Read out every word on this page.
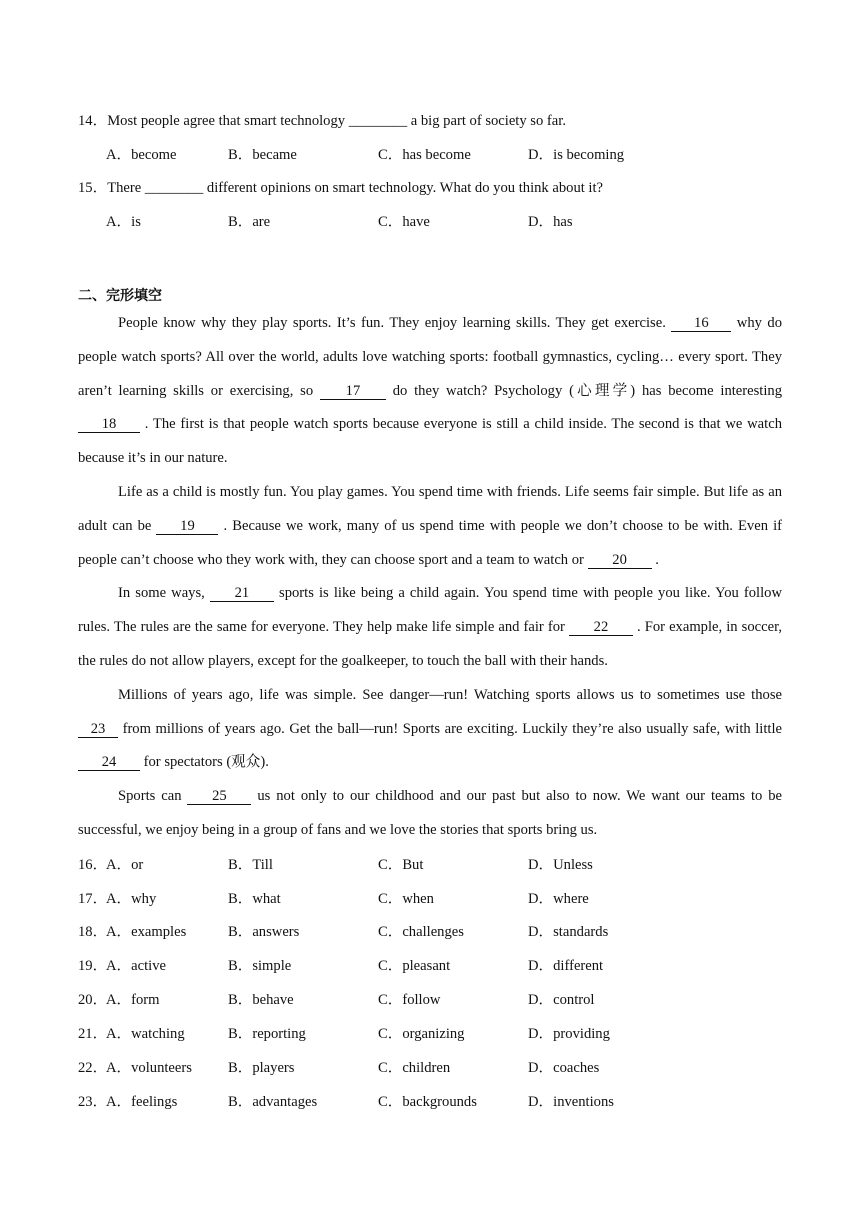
14．Most people agree that smart technology ________ a big part of society so far.
A．become	B．became	C．has become	D．is becoming
15．There ________ different opinions on smart technology. What do you think about it?
A．is	B．are	C．have	D．has
二、完形填空

People know why they play sports. It’s fun. They enjoy learning skills. They get exercise. 16 why do people watch sports? All over the world, adults love watching sports: football gymnastics, cycling… every sport. They aren’t learning skills or exercising, so 17 do they watch? Psychology (心理学) has become interesting 18 . The first is that people watch sports because everyone is still a child inside. The second is that we watch because it’s in our nature.

Life as a child is mostly fun. You play games. You spend time with friends. Life seems fair simple. But life as an adult can be 19 . Because we work, many of us spend time with people we don’t choose to be with. Even if people can’t choose who they work with, they can choose sport and a team to watch or 20 .

In some ways, 21 sports is like being a child again. You spend time with people you like. You follow rules. The rules are the same for everyone. They help make life simple and fair for 22 . For example, in soccer, the rules do not allow players, except for the goalkeeper, to touch the ball with their hands.

Millions of years ago, life was simple. See danger—run! Watching sports allows us to sometimes use those 23 from millions of years ago. Get the ball—run! Sports are exciting. Luckily they’re also usually safe, with little 24 for spectators (观众).

Sports can 25 us not only to our childhood and our past but also to now. We want our teams to be successful, we enjoy being in a group of fans and we love the stories that sports bring us.

16．
A．or	B．Till	C．But	D．Unless
17．
A．why	B．what	C．when	D．where
18．
A．examples	B．answers	C．challenges	D．standards
19．
A．active	B．simple	C．pleasant	D．different
20．
A．form	B．behave	C．follow	D．control
21．
A．watching	B．reporting	C．organizing	D．providing
22．
A．volunteers B．players	C．children	D．coaches
23．
A．feelings	B．advantages	C．backgrounds	D．inventions
